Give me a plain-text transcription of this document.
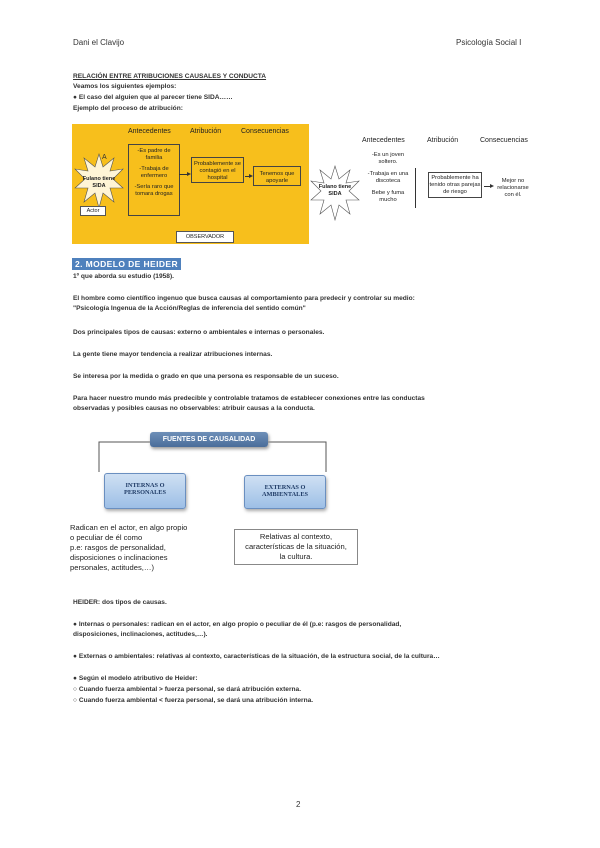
Dani el Clavijo	Psicología Social I
RELACIÓN ENTRE ATRIBUCIONES CAUSALES Y CONDUCTA
Veamos los siguientes ejemplos:
● El caso del alguien que al parecer tiene SIDA……
Ejemplo del proceso de atribución:
Antecedentes	Atribución	Consecuencias
A
Fulano tiene SIDA
Actor
-Es padre de familia
-Trabaja de enfermero
-Sería raro que tomara drogas
Probablemente se contagió en el hospital
Tenemos que apoyarle
OBSERVADOR
Antecedentes	Atribución	Consecuencias
Fulano tiene SIDA
-Es un joven soltero.
-Trabaja en una discoteca
Bebe y fuma mucho
Probablemente ha tenido otras parejas de riesgo
Mejor no relacionarse con él.
2. MODELO DE HEIDER
1º que aborda su estudio (1958).
El hombre como científico ingenuo que busca causas al comportamiento para predecir y controlar su medio:
"Psicología Ingenua de la Acción/Reglas de inferencia del sentido común"
Dos principales tipos de causas: externo o ambientales e internas o personales.
La gente tiene mayor tendencia a realizar atribuciones internas.
Se interesa por la medida o grado en que una persona es responsable de un suceso.
Para hacer nuestro mundo más predecible y controlable tratamos de establecer conexiones entre las conductas
observadas y posibles causas no observables: atribuir causas a la conducta.
FUENTES DE CAUSALIDAD
INTERNAS O PERSONALES
EXTERNAS O AMBIENTALES
Radican en el actor, en algo propio
o peculiar de él como
p.e: rasgos de personalidad,
disposiciones o inclinaciones
personales, actitudes,…)
Relativas al contexto,
características de la situación,
la cultura.
HEIDER: dos tipos de causas.
● Internas o personales: radican en el actor, en algo propio o peculiar de él (p.e: rasgos de personalidad,
disposiciones, inclinaciones, actitudes,…).
● Externas o ambientales: relativas al contexto, características de la situación, de la estructura social, de la cultura…
● Según el modelo atributivo de Heider:
○ Cuando fuerza ambiental > fuerza personal, se dará atribución externa.
○ Cuando fuerza ambiental < fuerza personal, se dará una atribución interna.
2
